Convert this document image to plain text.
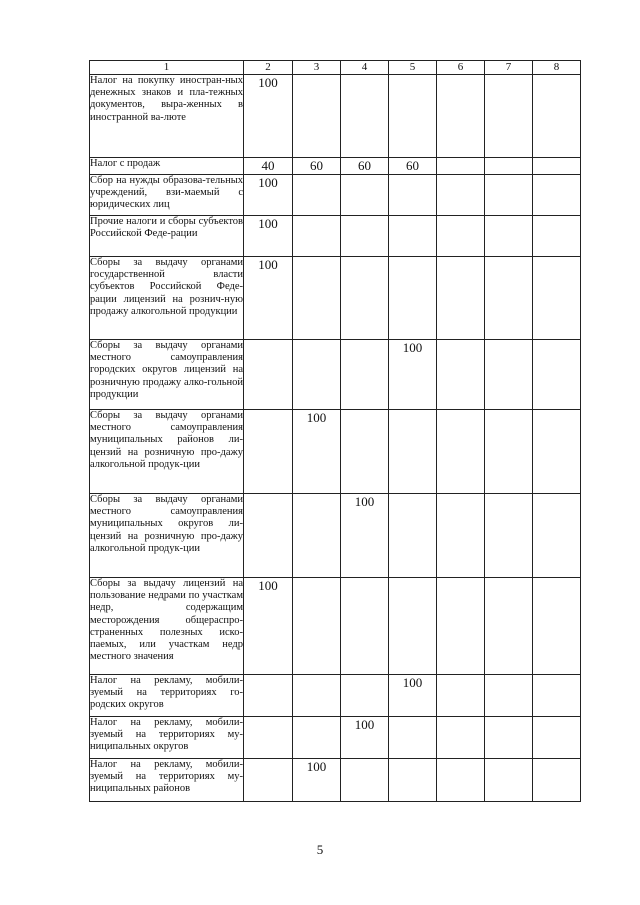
1	2	3	4	5	6	7	8
Налог на покупку иностран-ных денежных знаков и пла-тежных документов, выра-женных в иностранной ва-люте	100						
Налог с продаж	40	60	60	60			
Сбор на нужды образова-тельных учреждений, взи-маемый с юридических лиц	100						
Прочие налоги и сборы субъектов Российской Феде-рации	100						
Сборы за выдачу органами государственной власти субъектов Российской Феде-рации лицензий на рознич-ную продажу алкогольной продукции	100						
Сборы за выдачу органами местного самоуправления городских округов лицензий на розничную продажу алко-гольной продукции				100			
Сборы за выдачу органами местного самоуправления муниципальных районов ли-цензий на розничную про-дажу алкогольной продук-ции		100					
Сборы за выдачу органами местного самоуправления муниципальных округов ли-цензий на розничную про-дажу алкогольной продук-ции			100				
Сборы за выдачу лицензий на пользование недрами по участкам недр, содержащим месторождения общераспро-страненных полезных иско-паемых, или участкам недр местного значения	100						
Налог на рекламу, мобили-зуемый на территориях го-родских округов				100			
Налог на рекламу, мобили-зуемый на территориях му-ниципальных округов			100				
Налог на рекламу, мобили-зуемый на территориях му-ниципальных районов		100					
5
